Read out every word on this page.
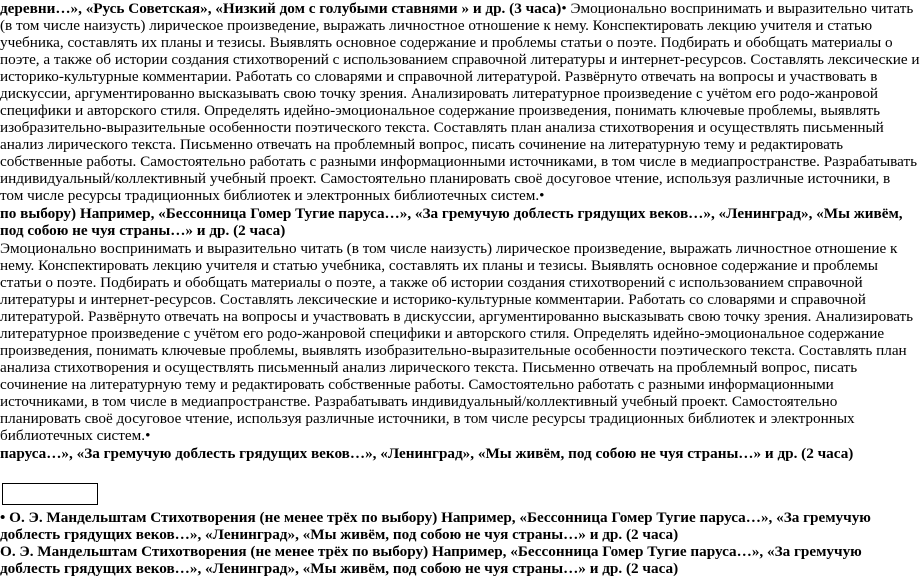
деревни…», «Русь Советская», «Низкий дом с голубыми ставнями » и др. (3 часа)• Эмоционально воспринимать и выразительно читать
(в том числе наизусть) лирическое произведение, выражать личностное отношение к нему. Конспектировать лекцию учителя и статью
учебника, составлять их планы и тезисы. Выявлять основное содержание и проблемы статьи о поэте. Подбирать и обобщать материалы о
поэте, а также об истории создания стихотворений с использованием справочной литературы и интернет-ресурсов. Составлять лексические и
историко-культурные комментарии. Работать со словарями и справочной литературой. Развёрнуто отвечать на вопросы и участвовать в
дискуссии, аргументированно высказывать свою точку зрения. Анализировать литературное произведение с учётом его родо-жанровой
специфики и авторского стиля. Определять идейно-эмоциональное содержание произведения, понимать ключевые проблемы, выявлять
изобразительно-выразительные особенности поэтического текста. Составлять план анализа стихотворения и осуществлять письменный
анализ лирического текста. Письменно отвечать на проблемный вопрос, писать сочинение на литературную тему и редактировать
собственные работы. Самостоятельно работать с разными информационными источниками, в том числе в медиапространстве. Разрабатывать
индивидуальный/коллективный учебный проект. Самостоятельно планировать своё досуговое чтение, используя различные источники, в
том числе ресурсы традиционных библиотек и электронных библиотечных систем.•
по выбору) Например, «Бессонница Гомер Тугие паруса…», «За гремучую доблесть грядущих веков…», «Ленинград», «Мы живём,
под собою не чуя страны…» и др. (2 часа)
Эмоционально воспринимать и выразительно читать (в том числе наизусть) лирическое произведение, выражать личностное отношение к
нему. Конспектировать лекцию учителя и статью учебника, составлять их планы и тезисы. Выявлять основное содержание и проблемы
статьи о поэте. Подбирать и обобщать материалы о поэте, а также об истории создания стихотворений с использованием справочной
литературы и интернет-ресурсов. Составлять лексические и историко-культурные комментарии. Работать со словарями и справочной
литературой. Развёрнуто отвечать на вопросы и участвовать в дискуссии, аргументированно высказывать свою точку зрения. Анализировать
литературное произведение с учётом его родо-жанровой специфики и авторского стиля. Определять идейно-эмоциональное содержание
произведения, понимать ключевые проблемы, выявлять изобразительно-выразительные особенности поэтического текста. Составлять план
анализа стихотворения и осуществлять письменный анализ лирического текста. Письменно отвечать на проблемный вопрос, писать
сочинение на литературную тему и редактировать собственные работы. Самостоятельно работать с разными информационными
источниками, в том числе в медиапространстве. Разрабатывать индивидуальный/коллективный учебный проект. Самостоятельно
планировать своё досуговое чтение, используя различные источники, в том числе ресурсы традиционных библиотек и электронных
библиотечных систем.•
паруса…», «За гремучую доблесть грядущих веков…», «Ленинград», «Мы живём, под собою не чуя страны…» и др. (2 часа)
• О. Э. Мандельштам Стихотворения (не менее трёх по выбору) Например, «Бессонница Гомер Тугие паруса…», «За гремучую
доблесть грядущих веков…», «Ленинград», «Мы живём, под собою не чуя страны…» и др. (2 часа)
О. Э. Мандельштам Стихотворения (не менее трёх по выбору) Например, «Бессонница Гомер Тугие паруса…», «За гремучую
доблесть грядущих веков…», «Ленинград», «Мы живём, под собою не чуя страны…» и др. (2 часа)
